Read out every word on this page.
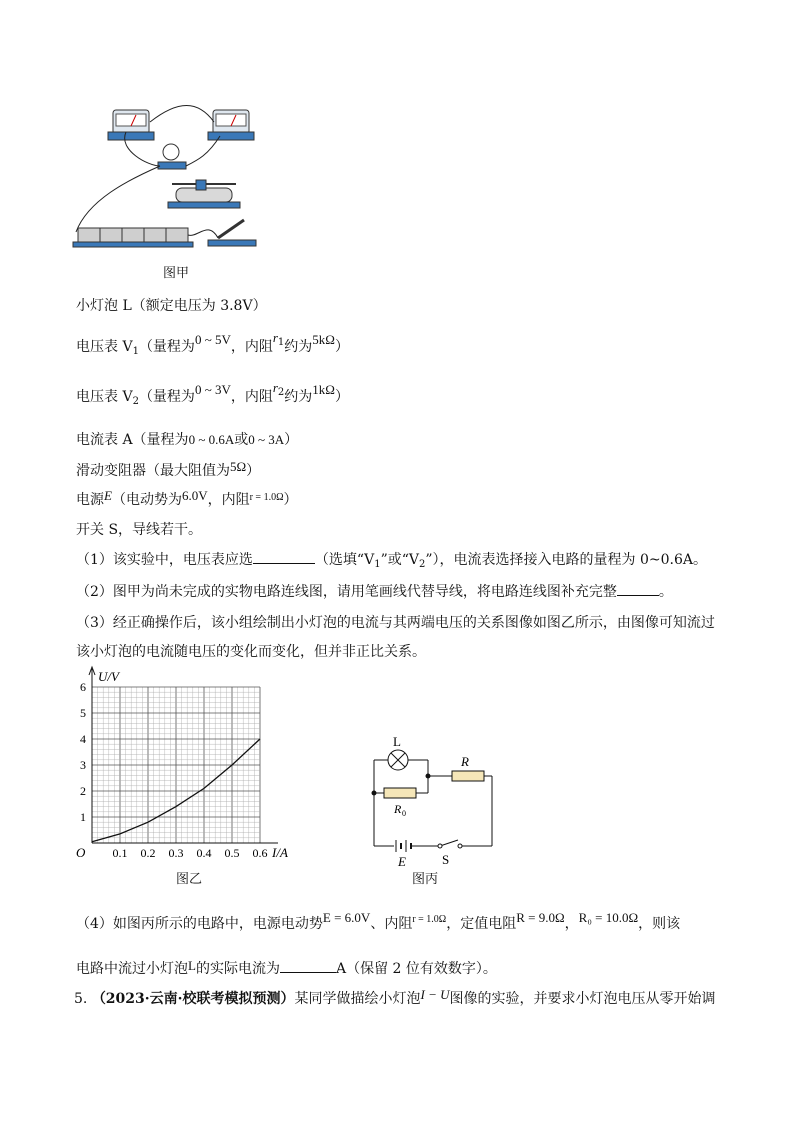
图甲
小灯泡 L（额定电压为 3.8V）
电压表 $V_1$（量程为0 ~ 5V，内阻$r^1$约为5kΩ）
电压表 $V_2$（量程为0 ~ 3V，内阻$r^2$约为1kΩ）
电流表 A（量程为0 ~ 0.6A或0 ~ 3A）
滑动变阻器（最大阻值为5Ω）
电源E（电动势为6.0V，内阻$^{r = 1.0\Omega}$）
开关 S，导线若干。
（1）该实验中，电压表应选	（选填“$V_1$”或“$V_2$”），电流表选择接入电路的量程为 0~0.6A。
（2）图甲为尚未完成的实物电路连线图，请用笔画线代替导线，将电路连线图补充完整	。
（3）经正确操作后，该小组绘制出小灯泡的电流与其两端电压的关系图像如图乙所示，由图像可知流过
该小灯泡的电流随电压的变化而变化，但并非正比关系。
0.1 0.2 0.3 0.4 0.5 0.6
1
2
3
4
5
6
O	I/A
U/V
图乙
L
R
R 0
E	S
图丙
（4）如图丙所示的电路中，电源电动势E = 6.0V、内阻$^{r = 1.0\Omega}$，定值电阻R = 9.0Ω，R₀ = 10.0Ω，则该
电路中流过小灯泡L的实际电流为	A（保留 2 位有效数字）。
5. （2023·云南·校联考模拟预测）某同学做描绘小灯泡I − U图像的实验，并要求小灯泡电压从零开始调
